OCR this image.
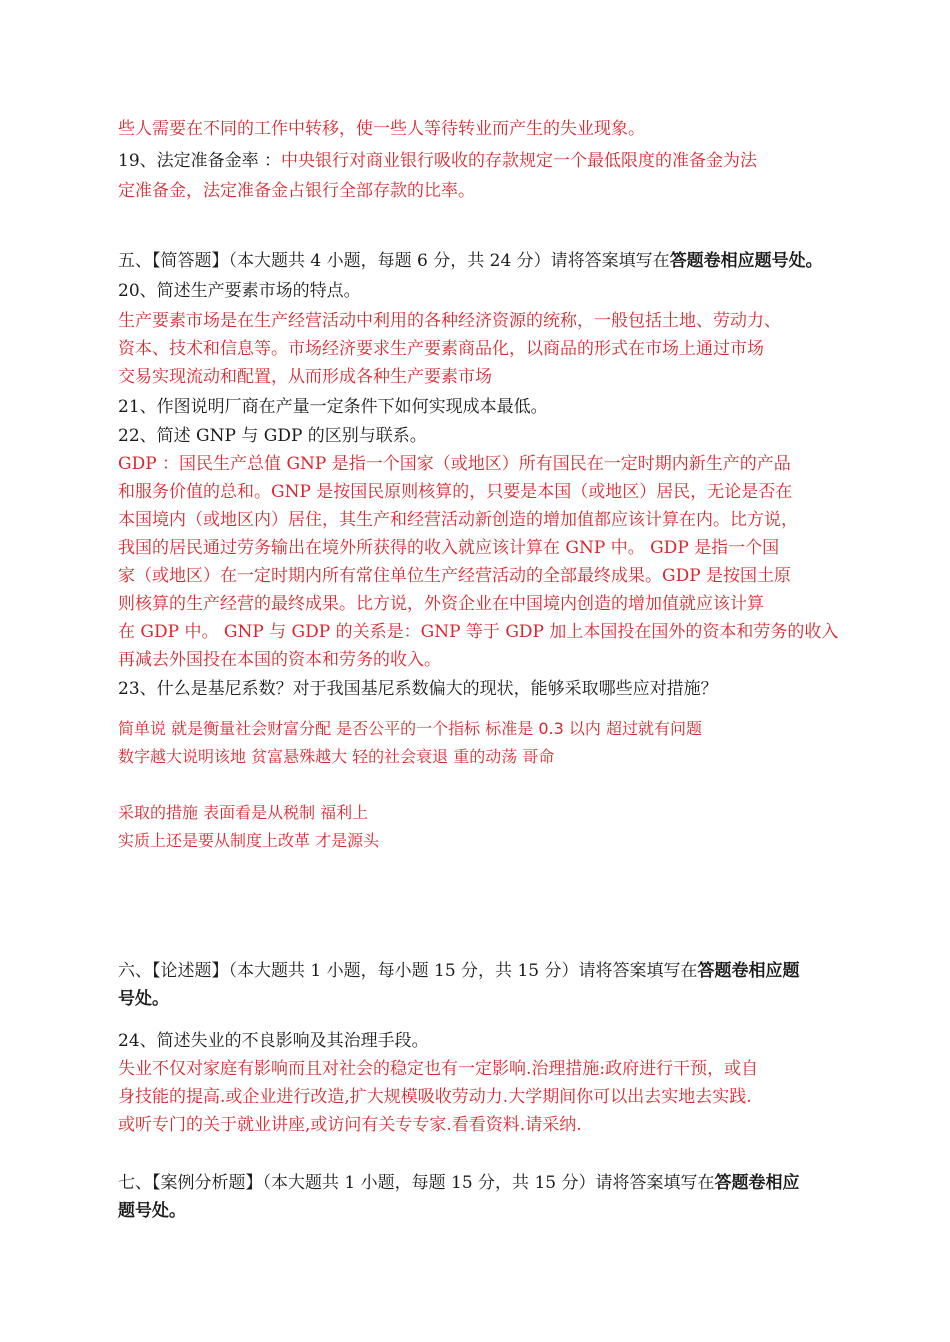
些人需要在不同的工作中转移，使一些人等待转业而产生的失业现象。
19、法定准备金率 ：中央银行对商业银行吸收的存款规定一个最低限度的准备金为法
定准备金，法定准备金占银行全部存款的比率。
五、【简答题】（本大题共 4 小题，每题 6 分，共 24 分）请将答案填写在答题卷相应题号处。
20、简述生产要素市场的特点。
生产要素市场是在生产经营活动中利用的各种经济资源的统称，一般包括土地、劳动力、
资本、技术和信息等。市场经济要求生产要素商品化，以商品的形式在市场上通过市场
交易实现流动和配置，从而形成各种生产要素市场
21、作图说明厂商在产量一定条件下如何实现成本最低。
22、简述 GNP 与 GDP 的区别与联系。
GDP ：国民生产总值 GNP 是指一个国家（或地区）所有国民在一定时期内新生产的产品
和服务价值的总和。GNP 是按国民原则核算的，只要是本国（或地区）居民，无论是否在
本国境内（或地区内）居住，其生产和经营活动新创造的增加值都应该计算在内。比方说，
我国的居民通过劳务输出在境外所获得的收入就应该计算在 GNP 中。 GDP 是指一个国
家（或地区）在一定时期内所有常住单位生产经营活动的全部最终成果。GDP 是按国土原
则核算的生产经营的最终成果。比方说，外资企业在中国境内创造的增加值就应该计算
在 GDP 中。 GNP 与 GDP 的关系是：GNP 等于 GDP 加上本国投在国外的资本和劳务的收入
再减去外国投在本国的资本和劳务的收入。
23、什么是基尼系数？对于我国基尼系数偏大的现状，能够采取哪些应对措施？
简单说 就是衡量社会财富分配 是否公平的一个指标 标准是 0.3 以内 超过就有问题
数字越大说明该地 贫富悬殊越大 轻的社会衰退 重的动荡 哥命
采取的措施 表面看是从税制 福利上
实质上还是要从制度上改革 才是源头
六、【论述题】（本大题共 1 小题，每小题 15 分，共 15 分）请将答案填写在答题卷相应题
号处。
24、简述失业的不良影响及其治理手段。
失业不仅对家庭有影响而且对社会的稳定也有一定影响.治理措施:政府进行干预，或自
身技能的提高.或企业进行改造,扩大规模吸收劳动力.大学期间你可以出去实地去实践.
或听专门的关于就业讲座,或访问有关专专家.看看资料.请采纳.
七、【案例分析题】（本大题共 1 小题，每题 15 分，共 15 分）请将答案填写在答题卷相应
题号处。
